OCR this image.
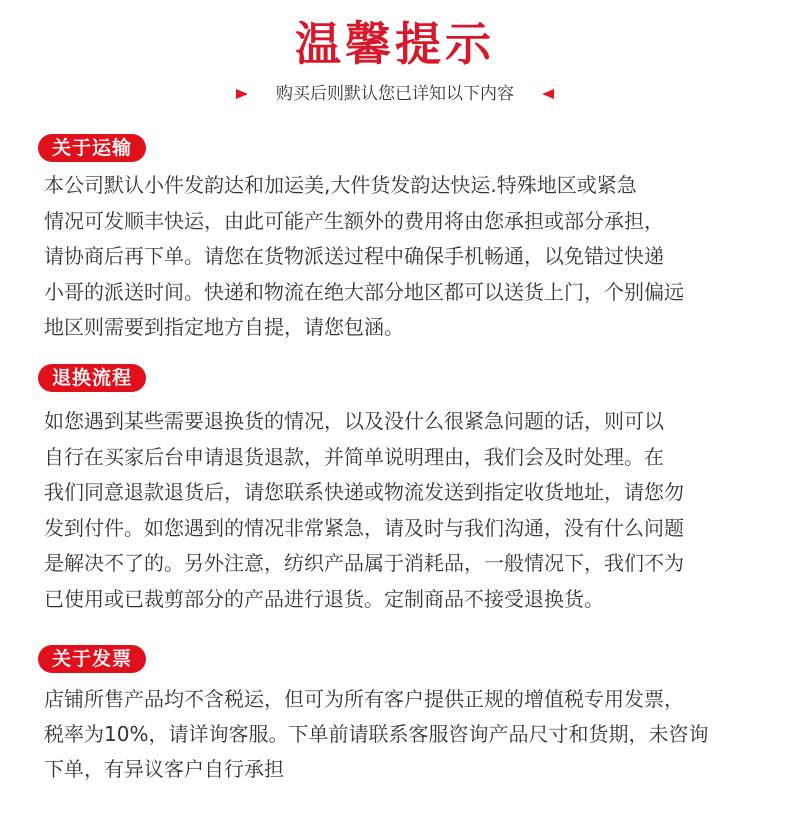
温馨提示
购买后则默认您已详知以下内容
关于运输
本公司默认小件发韵达和加运美,大件货发韵达快运.特殊地区或紧急
情况可发顺丰快运，由此可能产生额外的费用将由您承担或部分承担，
请协商后再下单。请您在货物派送过程中确保手机畅通，以免错过快递
小哥的派送时间。快递和物流在绝大部分地区都可以送货上门，个别偏远
地区则需要到指定地方自提，请您包涵。
退换流程
如您遇到某些需要退换货的情况，以及没什么很紧急问题的话，则可以
自行在买家后台申请退货退款，并简单说明理由，我们会及时处理。在
我们同意退款退货后，请您联系快递或物流发送到指定收货地址，请您勿
发到付件。如您遇到的情况非常紧急，请及时与我们沟通，没有什么问题
是解决不了的。另外注意，纺织产品属于消耗品，一般情况下，我们不为
已使用或已裁剪部分的产品进行退货。定制商品不接受退换货。
关于发票
店铺所售产品均不含税运，但可为所有客户提供正规的增值税专用发票，
税率为10%，请详询客服。下单前请联系客服咨询产品尺寸和货期，未咨询
下单，有异议客户自行承担
